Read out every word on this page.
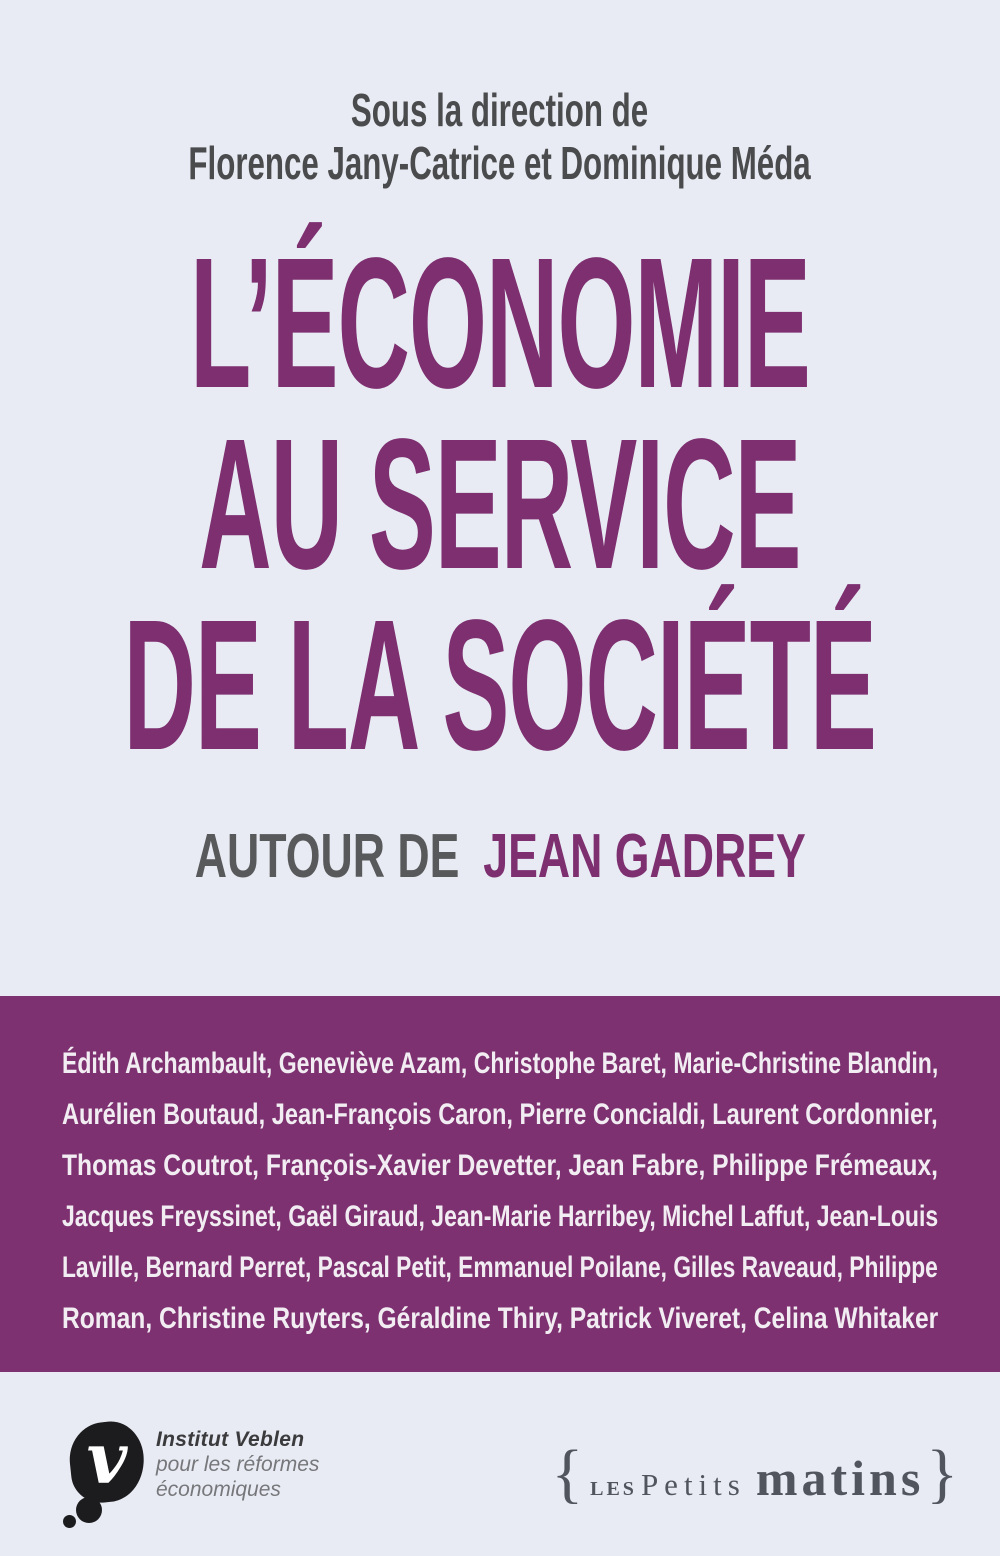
Sous la direction de
Florence Jany-Catrice et Dominique Méda
L’ÉCONOMIE
AU SERVICE
DE LA SOCIÉTÉ
AUTOUR DE JEAN GADREY
Édith Archambault, Geneviève Azam, Christophe Baret, Marie-Christine Blandin,
Aurélien Boutaud, Jean-François Caron, Pierre Concialdi, Laurent Cordonnier,
Thomas Coutrot, François-Xavier Devetter, Jean Fabre, Philippe Frémeaux,
Jacques Freyssinet, Gaël Giraud, Jean-Marie Harribey, Michel Laffut, Jean-Louis
Laville, Bernard Perret, Pascal Petit, Emmanuel Poilane, Gilles Raveaud, Philippe
Roman, Christine Ruyters, Géraldine Thiry, Patrick Viveret, Celina Whitaker
v	Institut Veblen
pour les réformes
économiques	{ LES Petits matins }
